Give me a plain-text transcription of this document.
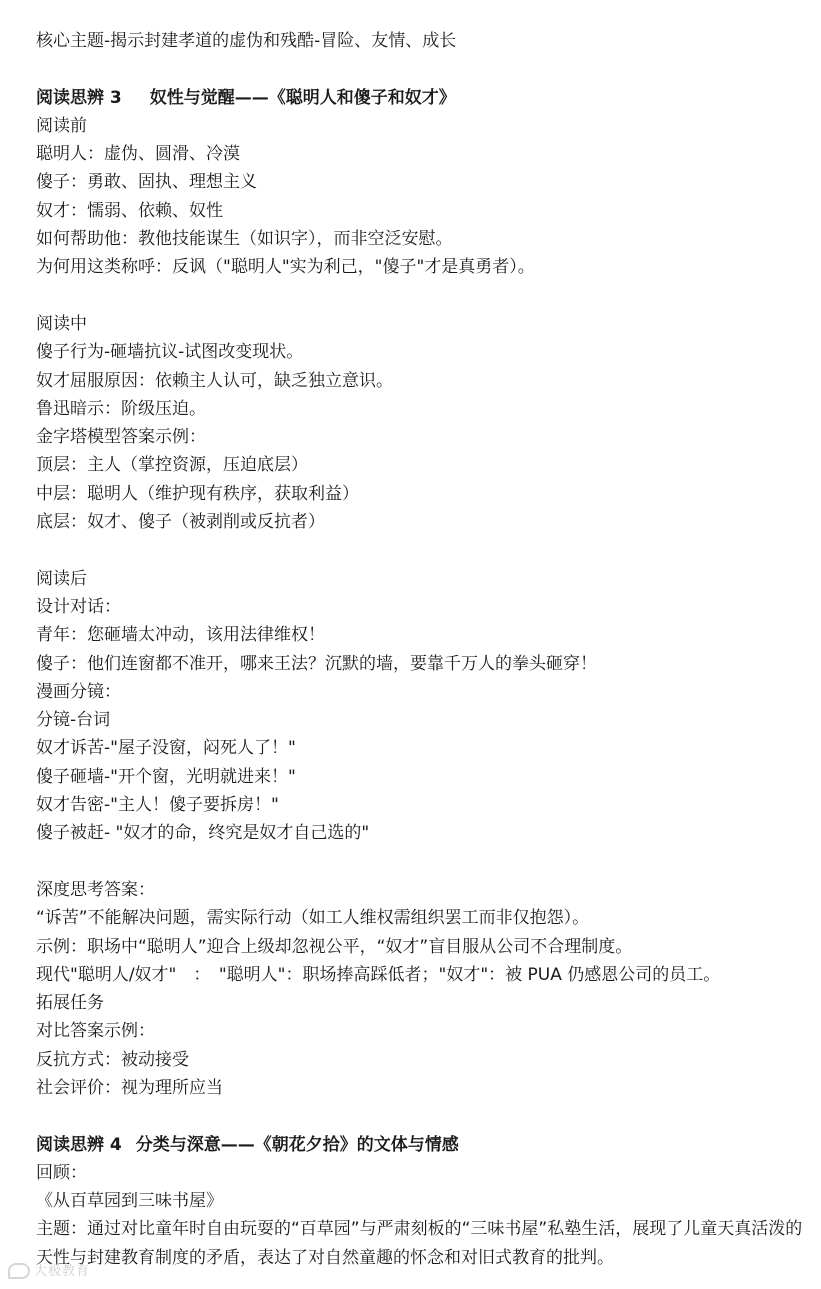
核心主题-揭示封建孝道的虚伪和残酷-冒险、友情、成长
阅读思辨 3 奴性与觉醒——《聪明人和傻子和奴才》
阅读前
聪明人：虚伪、圆滑、冷漠
傻子：勇敢、固执、理想主义
奴才：懦弱、依赖、奴性
如何帮助他：教他技能谋生（如识字），而非空泛安慰。
为何用这类称呼：反讽（"聪明人"实为利己，"傻子"才是真勇者）。
阅读中
傻子行为-砸墙抗议-试图改变现状。
奴才屈服原因：依赖主人认可，缺乏独立意识。
鲁迅暗示：阶级压迫。
金字塔模型答案示例：
顶层：主人（掌控资源，压迫底层）
中层：聪明人（维护现有秩序，获取利益）
底层：奴才、傻子（被剥削或反抗者）
阅读后
设计对话：
青年：您砸墙太冲动，该用法律维权！
傻子：他们连窗都不准开，哪来王法？沉默的墙，要靠千万人的拳头砸穿！
漫画分镜：
分镜-台词
奴才诉苦-"屋子没窗，闷死人了！"
傻子砸墙-"开个窗，光明就进来！"
奴才告密-"主人！傻子要拆房！"
傻子被赶- "奴才的命，终究是奴才自己选的"
深度思考答案：
“诉苦”不能解决问题，需实际行动（如工人维权需组织罢工而非仅抱怨）。
示例：职场中“聪明人”迎合上级却忽视公平，“奴才”盲目服从公司不合理制度。
现代"聪明人/奴才"　：　"聪明人"：职场捧高踩低者；"奴才"：被 PUA 仍感恩公司的员工。
拓展任务
对比答案示例：
反抗方式：被动接受
社会评价：视为理所应当
阅读思辨 4 分类与深意——《朝花夕拾》的文体与情感
回顾：
《从百草园到三味书屋》
主题：通过对比童年时自由玩耍的“百草园”与严肃刻板的“三味书屋”私塾生活，展现了儿童天真活泼的天性与封建教育制度的矛盾，表达了对自然童趣的怀念和对旧式教育的批判。
大极教育
